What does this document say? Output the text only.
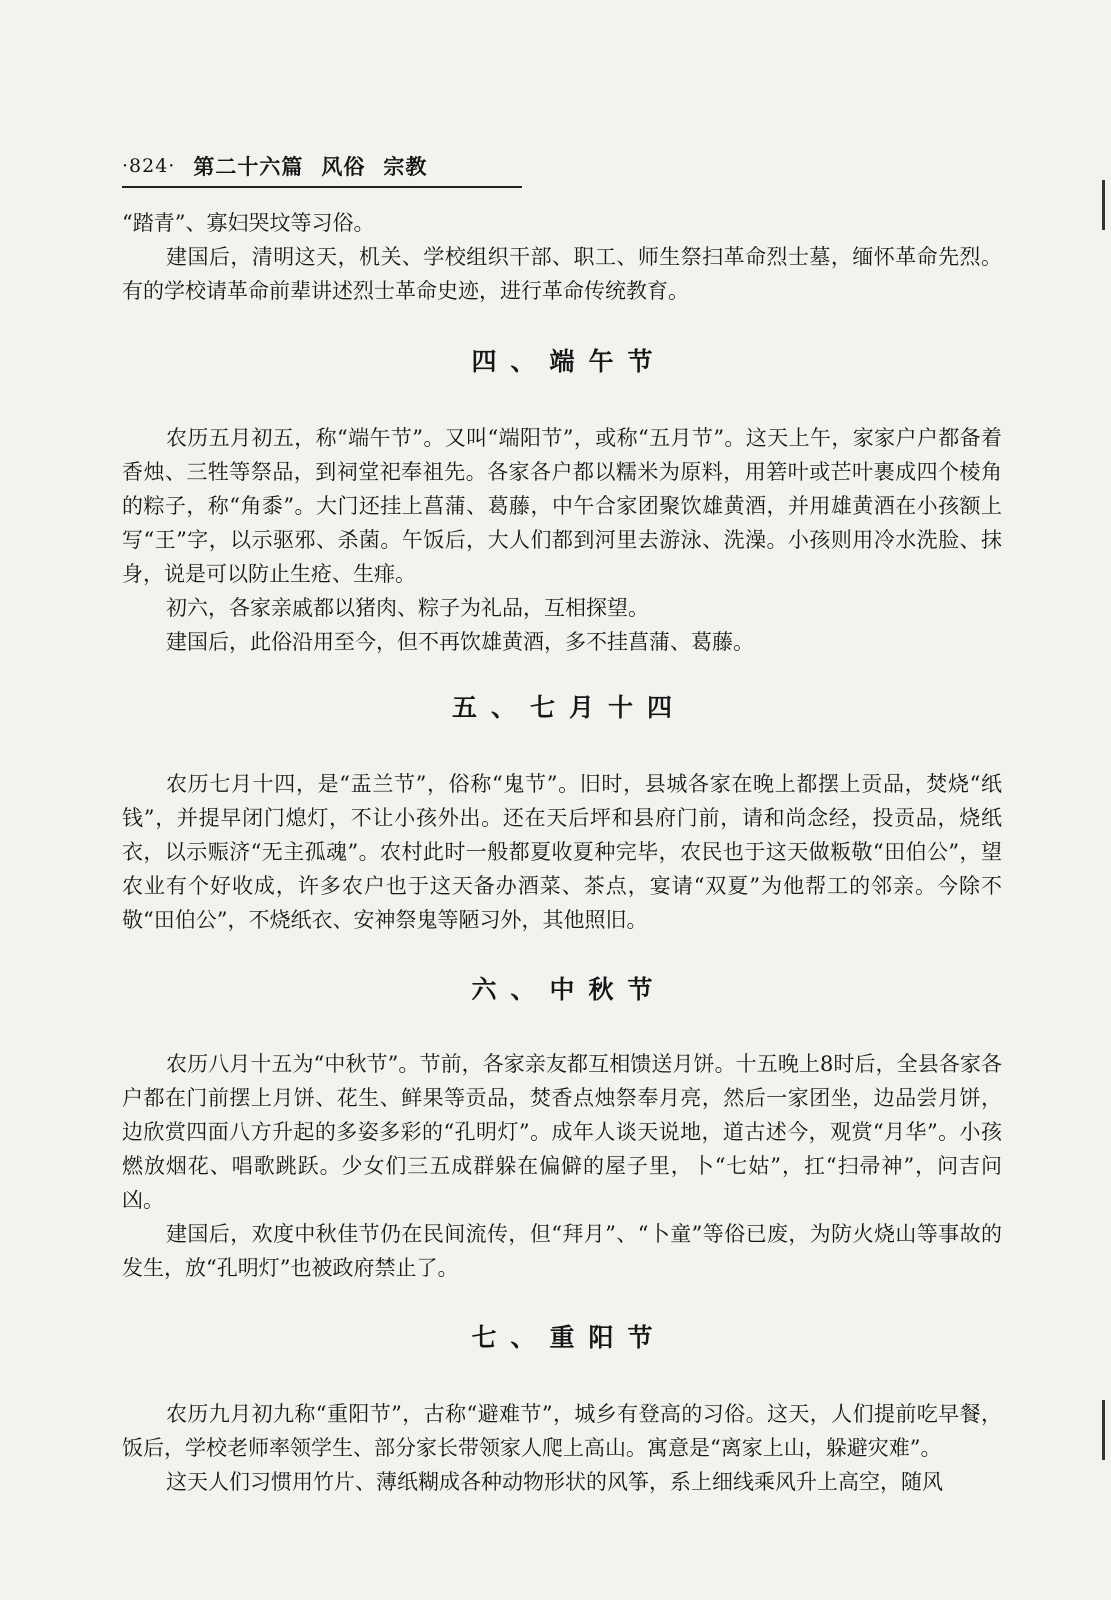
·824· 第二十六篇 风俗 宗教

“踏青”、寡妇哭坟等习俗。

建国后，清明这天，机关、学校组织干部、职工、师生祭扫革命烈士墓，缅怀革命先烈。有的学校请革命前辈讲述烈士革命史迹，进行革命传统教育。

四、端午节

农历五月初五，称“端午节”。又叫“端阳节”，或称“五月节”。这天上午，家家户户都备着香烛、三牲等祭品，到祠堂祀奉祖先。各家各户都以糯米为原料，用箬叶或芒叶裹成四个棱角的粽子，称“角黍”。大门还挂上菖蒲、葛藤，中午合家团聚饮雄黄酒，并用雄黄酒在小孩额上写“王”字，以示驱邪、杀菌。午饭后，大人们都到河里去游泳、洗澡。小孩则用冷水洗脸、抹身，说是可以防止生疮、生痱。

初六，各家亲戚都以猪肉、粽子为礼品，互相探望。

建国后，此俗沿用至今，但不再饮雄黄酒，多不挂菖蒲、葛藤。

五、七月十四

农历七月十四，是“盂兰节”，俗称“鬼节”。旧时，县城各家在晚上都摆上贡品，焚烧“纸钱”，并提早闭门熄灯，不让小孩外出。还在天后坪和县府门前，请和尚念经，投贡品，烧纸衣，以示赈济“无主孤魂”。农村此时一般都夏收夏种完毕，农民也于这天做粄敬“田伯公”，望农业有个好收成，许多农户也于这天备办酒菜、茶点，宴请“双夏”为他帮工的邻亲。今除不敬“田伯公”，不烧纸衣、安神祭鬼等陋习外，其他照旧。

六、中秋节

农历八月十五为“中秋节”。节前，各家亲友都互相馈送月饼。十五晚上8时后，全县各家各户都在门前摆上月饼、花生、鲜果等贡品，焚香点烛祭奉月亮，然后一家团坐，边品尝月饼，边欣赏四面八方升起的多姿多彩的“孔明灯”。成年人谈天说地，道古述今，观赏“月华”。小孩燃放烟花、唱歌跳跃。少女们三五成群躲在偏僻的屋子里，卜“七姑”，扛“扫帚神”，问吉问凶。

建国后，欢度中秋佳节仍在民间流传，但“拜月”、“卜童”等俗已废，为防火烧山等事故的发生，放“孔明灯”也被政府禁止了。

七、重阳节

农历九月初九称“重阳节”，古称“避难节”，城乡有登高的习俗。这天，人们提前吃早餐，饭后，学校老师率领学生、部分家长带领家人爬上高山。寓意是“离家上山，躲避灾难”。

这天人们习惯用竹片、薄纸糊成各种动物形状的风筝，系上细线乘风升上高空，随风
